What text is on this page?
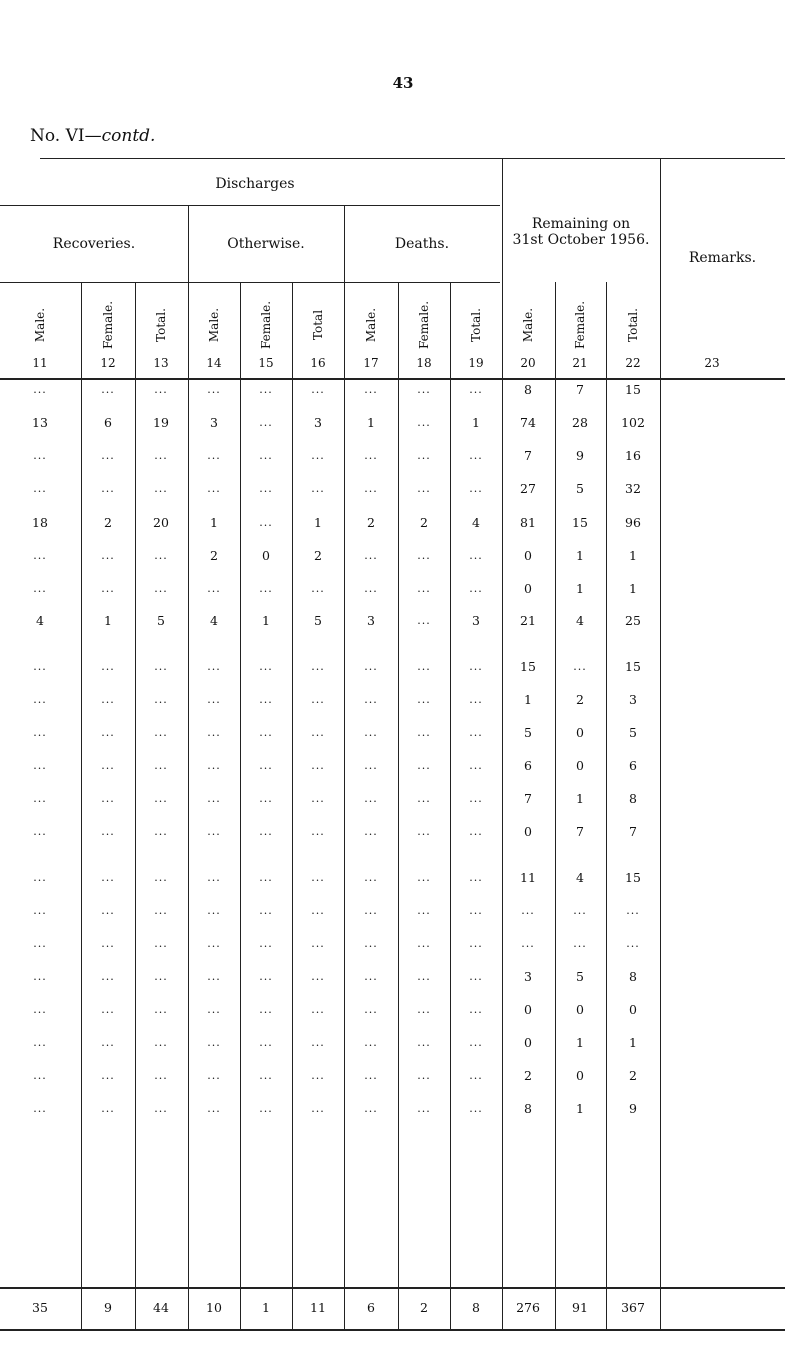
43
No. VI—contd.
Discharges
Recoveries.	Otherwise.	Deaths.
Remaining on
31st October 1956.
Remarks.
Male.	Female.	Total.	Male.	Female.	Total	Male.	Female.	Total.	Male.	Female.	Total.
11	12	13	14	15	16	17	18	19	20	21	22	23
...	...	...	...	...	...	...	...	...	8	7	15
13	6	19	3	...	3	1	...	1	74	28	102
...	...	...	...	...	...	...	...	...	7	9	16
...	...	...	...	...	...	...	...	...	27	5	32
18	2	20	1	...	1	2	2	4	81	15	96
...	...	...	2	0	2	...	...	...	0	1	1
...	...	...	...	...	...	...	...	...	0	1	1
4	1	5	4	1	5	3	...	3	21	4	25
...	...	...	...	...	...	...	...	...	15	...	15
...	...	...	...	...	...	...	...	...	1	2	3
...	...	...	...	...	...	...	...	...	5	0	5
...	...	...	...	...	...	...	...	...	6	0	6
...	...	...	...	...	...	...	...	...	7	1	8
...	...	...	...	...	...	...	...	...	0	7	7
...	...	...	...	...	...	...	...	...	11	4	15
...	...	...	...	...	...	...	...	...	...	...	...
...	...	...	...	...	...	...	...	...	...	...	...
...	...	...	...	...	...	...	...	...	3	5	8
...	...	...	...	...	...	...	...	...	0	0	0
...	...	...	...	...	...	...	...	...	0	1	1
...	...	...	...	...	...	...	...	...	2	0	2
...	...	...	...	...	...	...	...	...	8	1	9
35	9	44	10	1	11	6	2	8	276	91	367
